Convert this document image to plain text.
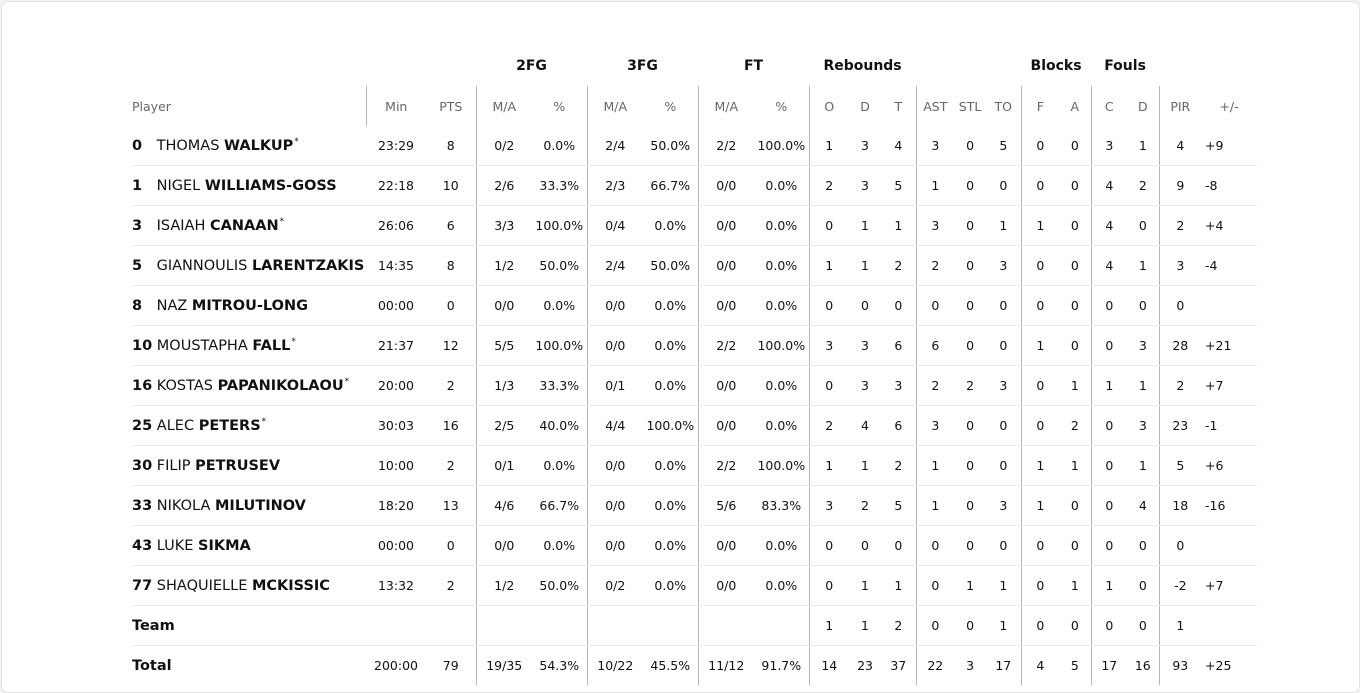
			2FG		3FG		FT		Rebounds						Blocks		Fouls			
Player	Min	PTS	M/A	%	M/A	%	M/A	%	O	D	T	AST	STL	TO	F	A	C	D	PIR	+/-
0 THOMAS WALKUP*	23:29	8	0/2	0.0%	2/4	50.0%	2/2	100.0%	1	3	4	3	0	5	0	0	3	1	4	+9
1 NIGEL WILLIAMS-GOSS	22:18	10	2/6	33.3%	2/3	66.7%	0/0	0.0%	2	3	5	1	0	0	0	0	4	2	9	-8
3 ISAIAH CANAAN*	26:06	6	3/3	100.0%	0/4	0.0%	0/0	0.0%	0	1	1	3	0	1	1	0	4	0	2	+4
5 GIANNOULIS LARENTZAKIS	14:35	8	1/2	50.0%	2/4	50.0%	0/0	0.0%	1	1	2	2	0	3	0	0	4	1	3	-4
8 NAZ MITROU-LONG	00:00	0	0/0	0.0%	0/0	0.0%	0/0	0.0%	0	0	0	0	0	0	0	0	0	0	0	
10 MOUSTAPHA FALL*	21:37	12	5/5	100.0%	0/0	0.0%	2/2	100.0%	3	3	6	6	0	0	1	0	0	3	28	+21
16 KOSTAS PAPANIKOLAOU*	20:00	2	1/3	33.3%	0/1	0.0%	0/0	0.0%	0	3	3	2	2	3	0	1	1	1	2	+7
25 ALEC PETERS*	30:03	16	2/5	40.0%	4/4	100.0%	0/0	0.0%	2	4	6	3	0	0	0	2	0	3	23	-1
30 FILIP PETRUSEV	10:00	2	0/1	0.0%	0/0	0.0%	2/2	100.0%	1	1	2	1	0	0	1	1	0	1	5	+6
33 NIKOLA MILUTINOV	18:20	13	4/6	66.7%	0/0	0.0%	5/6	83.3%	3	2	5	1	0	3	1	0	0	4	18	-16
43 LUKE SIKMA	00:00	0	0/0	0.0%	0/0	0.0%	0/0	0.0%	0	0	0	0	0	0	0	0	0	0	0	
77 SHAQUIELLE MCKISSIC	13:32	2	1/2	50.0%	0/2	0.0%	0/0	0.0%	0	1	1	0	1	1	0	1	1	0	-2	+7
Team									1	1	2	0	0	1	0	0	0	0	1	
Total	200:00	79	19/35	54.3%	10/22	45.5%	11/12	91.7%	14	23	37	22	3	17	4	5	17	16	93	+25
